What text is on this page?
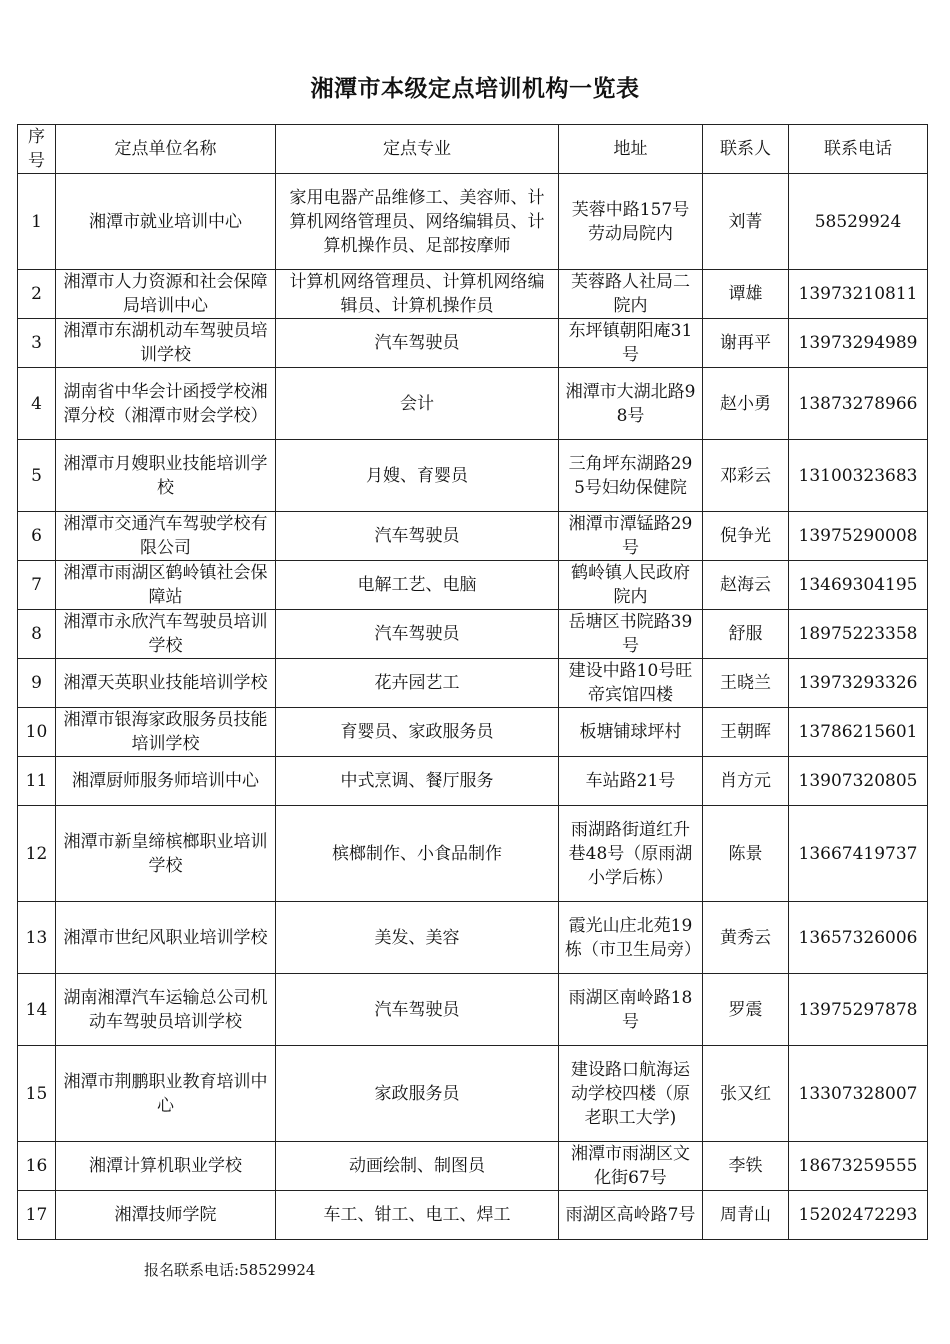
湘潭市本级定点培训机构一览表
序号	定点单位名称	定点专业	地址	联系人	联系电话
1	湘潭市就业培训中心	家用电器产品维修工、美容师、计算机网络管理员、网络编辑员、计算机操作员、足部按摩师	芙蓉中路157号劳动局院内	刘菁	58529924
2	湘潭市人力资源和社会保障局培训中心	计算机网络管理员、计算机网络编辑员、计算机操作员	芙蓉路人社局二院内	谭雄	13973210811
3	湘潭市东湖机动车驾驶员培训学校	汽车驾驶员	东坪镇朝阳庵31号	谢再平	13973294989
4	湖南省中华会计函授学校湘潭分校（湘潭市财会学校）	会计	湘潭市大湖北路98号	赵小勇	13873278966
5	湘潭市月嫂职业技能培训学校	月嫂、育婴员	三角坪东湖路295号妇幼保健院	邓彩云	13100323683
6	湘潭市交通汽车驾驶学校有限公司	汽车驾驶员	湘潭市潭锰路29号	倪争光	13975290008
7	湘潭市雨湖区鹤岭镇社会保障站	电解工艺、电脑	鹤岭镇人民政府院内	赵海云	13469304195
8	湘潭市永欣汽车驾驶员培训学校	汽车驾驶员	岳塘区书院路39号	舒服	18975223358
9	湘潭天英职业技能培训学校	花卉园艺工	建设中路10号旺帝宾馆四楼	王晓兰	13973293326
10	湘潭市银海家政服务员技能培训学校	育婴员、家政服务员	板塘铺球坪村	王朝晖	13786215601
11	湘潭厨师服务师培训中心	中式烹调、餐厅服务	车站路21号	肖方元	13907320805
12	湘潭市新皇缔槟榔职业培训学校	槟榔制作、小食品制作	雨湖路街道红升巷48号（原雨湖小学后栋）	陈景	13667419737
13	湘潭市世纪风职业培训学校	美发、美容	霞光山庄北苑19栋（市卫生局旁）	黄秀云	13657326006
14	湖南湘潭汽车运输总公司机动车驾驶员培训学校	汽车驾驶员	雨湖区南岭路18号	罗震	13975297878
15	湘潭市荆鹏职业教育培训中心	家政服务员	建设路口航海运动学校四楼（原老职工大学)	张又红	13307328007
16	湘潭计算机职业学校	动画绘制、制图员	湘潭市雨湖区文化街67号	李铁	18673259555
17	湘潭技师学院	车工、钳工、电工、焊工	雨湖区高岭路7号	周青山	15202472293
报名联系电话:58529924
